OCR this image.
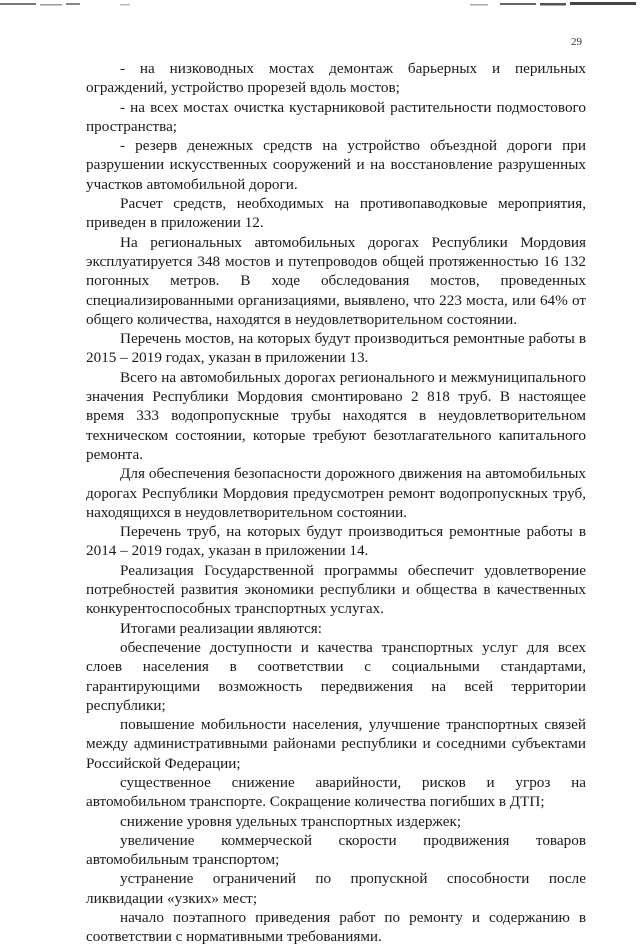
29

- на низководных мостах демонтаж барьерных и перильных ограждений, устройство прорезей вдоль мостов;

- на всех мостах очистка кустарниковой растительности подмостового пространства;

- резерв денежных средств на устройство объездной дороги при разрушении искусственных сооружений и на восстановление разрушенных участков автомобильной дороги.

Расчет средств, необходимых на противопаводковые мероприятия, приведен в приложении 12.

На региональных автомобильных дорогах Республики Мордовия эксплуатируется 348 мостов и путепроводов общей протяженностью 16 132 погонных метров. В ходе обследования мостов, проведенных специализированными организациями, выявлено, что 223 моста, или 64% от общего количества, находятся в неудовлетворительном состоянии.

Перечень мостов, на которых будут производиться ремонтные работы в 2015 – 2019 годах, указан в приложении 13.

Всего на автомобильных дорогах регионального и межмуниципального значения Республики Мордовия смонтировано 2 818 труб. В настоящее время 333 водопропускные трубы находятся в неудовлетворительном техническом состоянии, которые требуют безотлагательного капитального ремонта.

Для обеспечения безопасности дорожного движения на автомобильных дорогах Республики Мордовия предусмотрен ремонт водопропускных труб, находящихся в неудовлетворительном состоянии.

Перечень труб, на которых будут производиться ремонтные работы в 2014 – 2019 годах, указан в приложении 14.

Реализация Государственной программы обеспечит удовлетворение потребностей развития экономики республики и общества в качественных конкурентоспособных транспортных услугах.

Итогами реализации являются:

обеспечение доступности и качества транспортных услуг для всех слоев населения в соответствии с социальными стандартами, гарантирующими возможность передвижения на всей территории республики;

повышение мобильности населения, улучшение транспортных связей между административными районами республики и соседними субъектами Российской Федерации;

существенное снижение аварийности, рисков и угроз на автомобильном транспорте. Сокращение количества погибших в ДТП;

снижение уровня удельных транспортных издержек;

увеличение коммерческой скорости продвижения товаров автомобильным транспортом;

устранение ограничений по пропускной способности после ликвидации «узких» мест;

начало поэтапного приведения работ по ремонту и содержанию в соответствии с нормативными требованиями.
